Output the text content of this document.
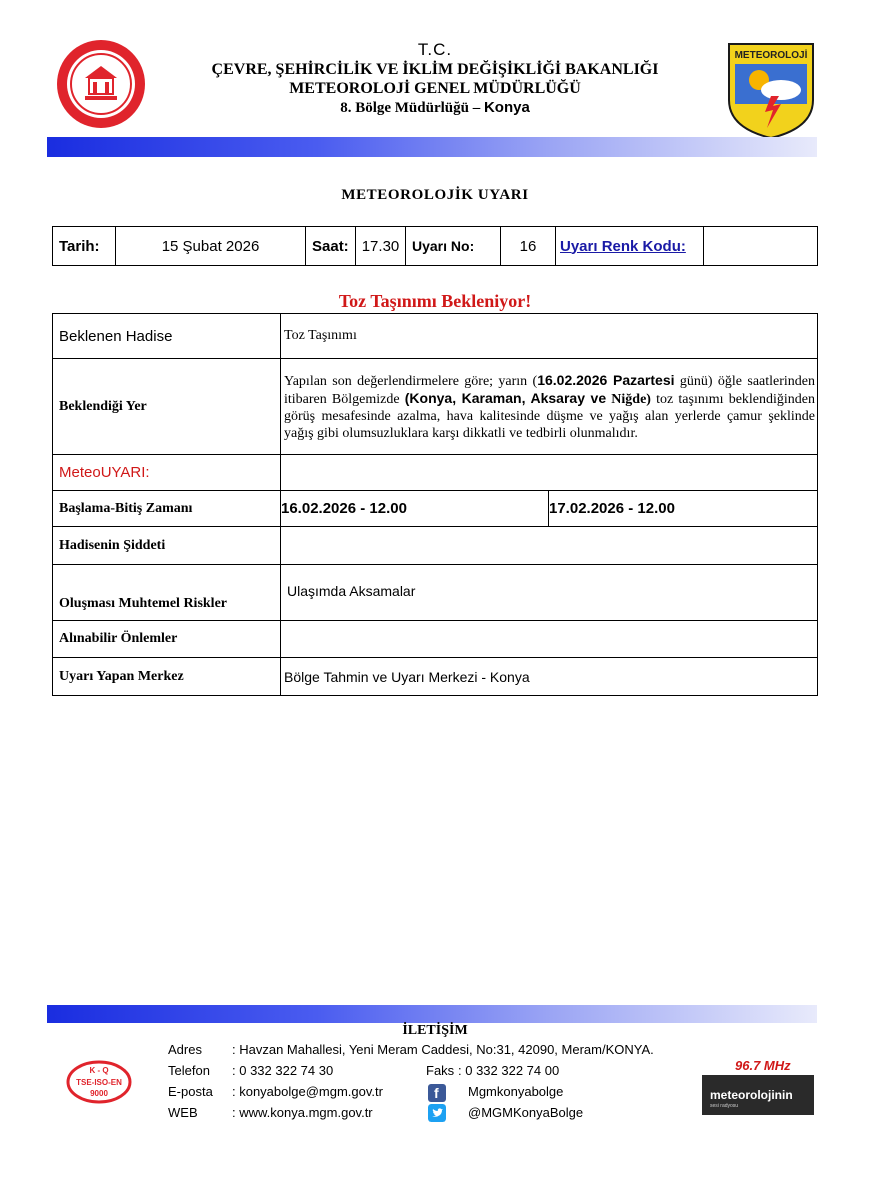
T.C.
ÇEVRE, ŞEHİRCİLİK VE İKLİM DEĞİŞİKLİĞİ BAKANLIĞI
METEOROLOJİ GENEL MÜDÜRLÜĞÜ
8. Bölge Müdürlüğü – Konya
METEOROLOJİ
METEOROLOJİK UYARI
Tarih:	15 Şubat 2026	Saat:	17.30	Uyarı No:	16	Uyarı Renk Kodu:	
Toz Taşınımı Bekleniyor!
Beklenen Hadise	Toz Taşınımı	
Beklendiği Yer	Yapılan son değerlendirmelere göre; yarın (16.02.2026 Pazartesi günü) öğle saatlerinden itibaren Bölgemizde (Konya, Karaman, Aksaray ve Niğde) toz taşınımı beklendiğinden görüş mesafesinde azalma, hava kalitesinde düşme ve yağış alan yerlerde çamur şeklinde yağış gibi olumsuzluklara karşı dikkatli ve tedbirli olunmalıdır.	
MeteoUYARI:		
Başlama-Bitiş Zamanı	16.02.2026 - 12.00	17.02.2026 - 12.00
Hadisenin Şiddeti		
Oluşması Muhtemel Riskler	Ulaşımda Aksamalar	
Alınabilir Önlemler		
Uyarı Yapan Merkez	Bölge Tahmin ve Uyarı Merkezi - Konya	
İLETİŞİM
K - Q
TSE-ISO-EN
9000
Adres : Havzan Mahallesi, Yeni Meram Caddesi, No:31, 42090, Meram/KONYA.
Telefon : 0 332 322 74 30	Faks : 0 332 322 74 00
E-posta : konyabolge@mgm.gov.tr	f Mgmkonyabolge
WEB	: www.konya.mgm.gov.tr	@MGMKonyaBolge
96.7 MHz
meteorolojinin
sesi radyosu
